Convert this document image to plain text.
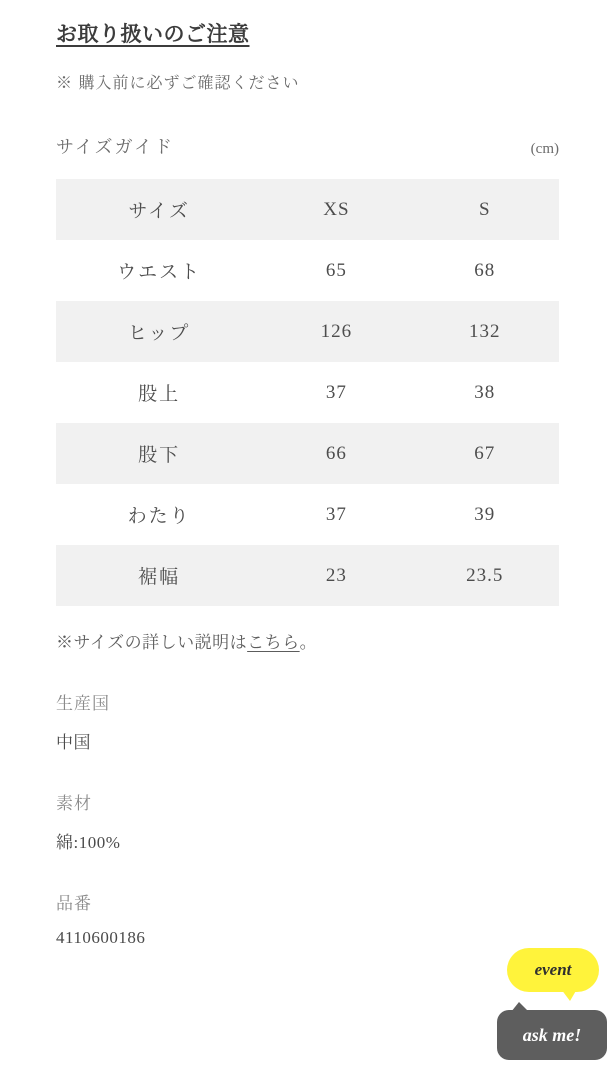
お取り扱いのご注意

※ 購入前に必ずご確認ください

サイズガイド	(cm)
サイズ	XS	S
ウエスト	65	68
ヒップ	126	132
股上	37	38
股下	66	67
わたり	37	39
裾幅	23	23.5

※サイズの詳しい説明はこちら。

生産国

中国

素材

綿:100%

品番

4110600186

event
ask me!
